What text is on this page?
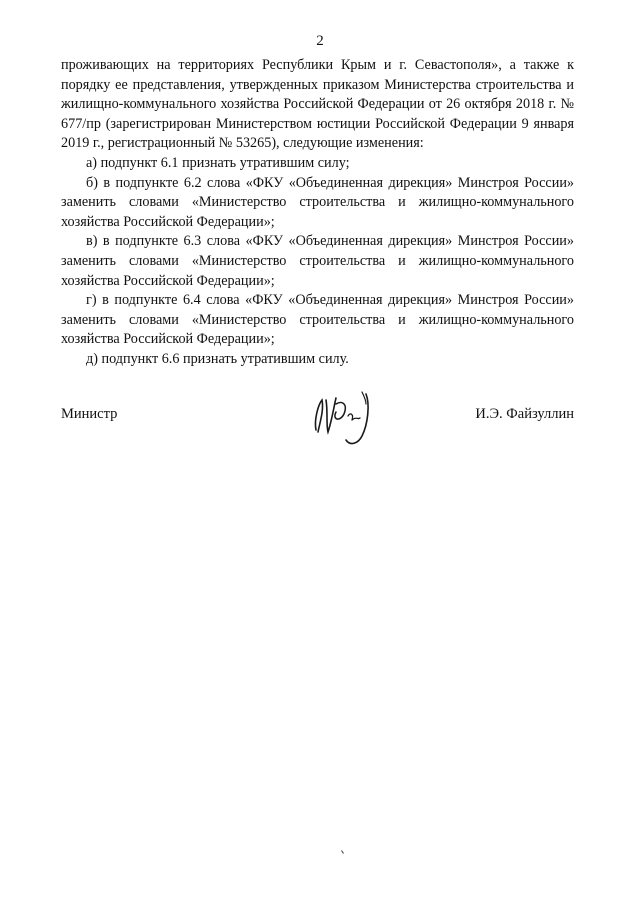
2

проживающих на территориях Республики Крым и г. Севастополя», а также к порядку ее представления, утвержденных приказом Министерства строительства и жилищно-коммунального хозяйства Российской Федерации от 26 октября 2018 г. № 677/пр (зарегистрирован Министерством юстиции Российской Федерации 9 января 2019 г., регистрационный № 53265), следующие изменения:

а) подпункт 6.1 признать утратившим силу;

б) в подпункте 6.2 слова «ФКУ «Объединенная дирекция» Минстроя России» заменить словами «Министерство строительства и жилищно-коммунального хозяйства Российской Федерации»;

в) в подпункте 6.3 слова «ФКУ «Объединенная дирекция» Минстроя России» заменить словами «Министерство строительства и жилищно-коммунального хозяйства Российской Федерации»;

г) в подпункте 6.4 слова «ФКУ «Объединенная дирекция» Минстроя России» заменить словами «Министерство строительства и жилищно-коммунального хозяйства Российской Федерации»;

д) подпункт 6.6 признать утратившим силу.

Министр	И.Э. Файзуллин
